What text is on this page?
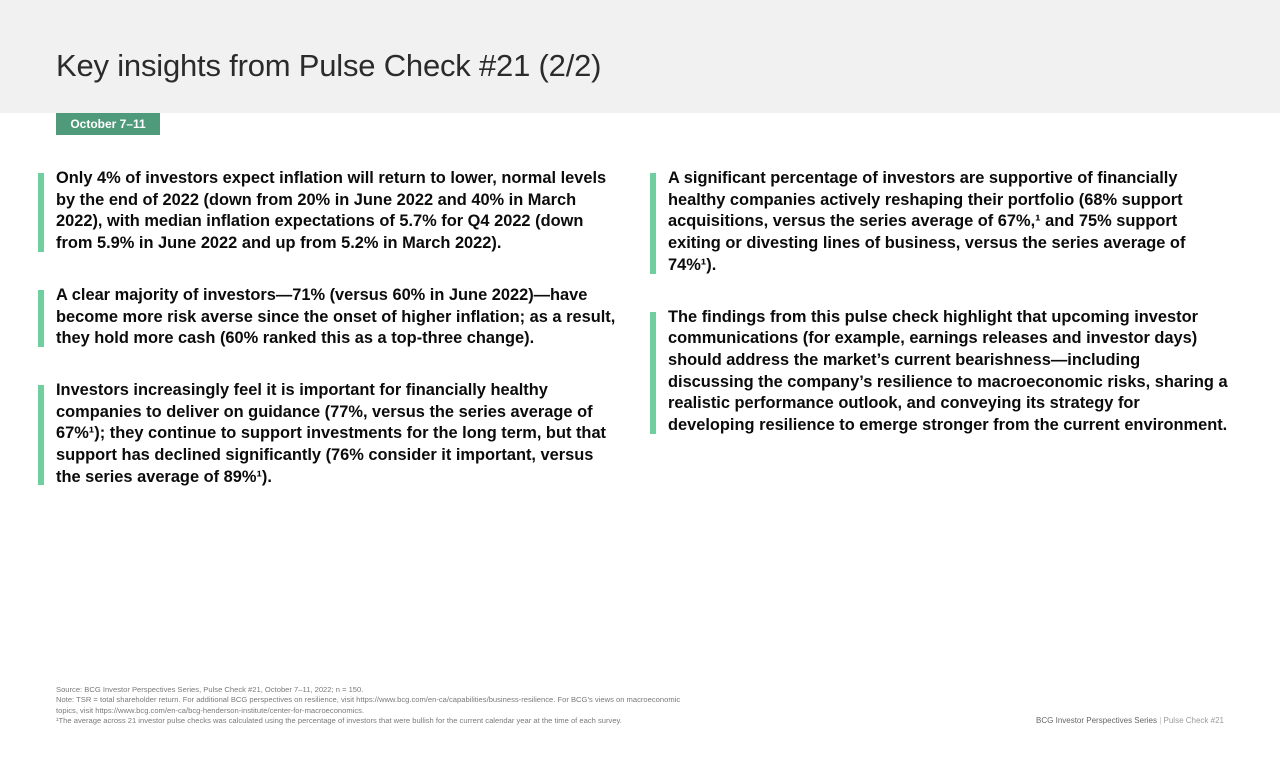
Key insights from Pulse Check #21 (2/2)
October 7–11

Only 4% of investors expect inflation will return to lower, normal levels by the end of 2022 (down from 20% in June 2022 and 40% in March 2022), with median inflation expectations of 5.7% for Q4 2022 (down from 5.9% in June 2022 and up from 5.2% in March 2022).

A clear majority of investors—71% (versus 60% in June 2022)—have become more risk averse since the onset of higher inflation; as a result, they hold more cash (60% ranked this as a top-three change).

Investors increasingly feel it is important for financially healthy companies to deliver on guidance (77%, versus the series average of 67%¹); they continue to support investments for the long term, but that support has declined significantly (76% consider it important, versus the series average of 89%¹).

A significant percentage of investors are supportive of financially healthy companies actively reshaping their portfolio (68% support acquisitions, versus the series average of 67%,¹ and 75% support exiting or divesting lines of business, versus the series average of 74%¹).

The findings from this pulse check highlight that upcoming investor communications (for example, earnings releases and investor days) should address the market’s current bearishness—including discussing the company’s resilience to macroeconomic risks, sharing a realistic performance outlook, and conveying its strategy for developing resilience to emerge stronger from the current environment.

Source: BCG Investor Perspectives Series, Pulse Check #21, October 7–11, 2022; n = 150.
Note: TSR = total shareholder return. For additional BCG perspectives on resilience, visit https://www.bcg.com/en-ca/capabilities/business-resilience. For BCG’s views on macroeconomic topics, visit https://www.bcg.com/en-ca/bcg-henderson-institute/center-for-macroeconomics.
¹The average across 21 investor pulse checks was calculated using the percentage of investors that were bullish for the current calendar year at the time of each survey.	BCG Investor Perspectives Series | Pulse Check #21
